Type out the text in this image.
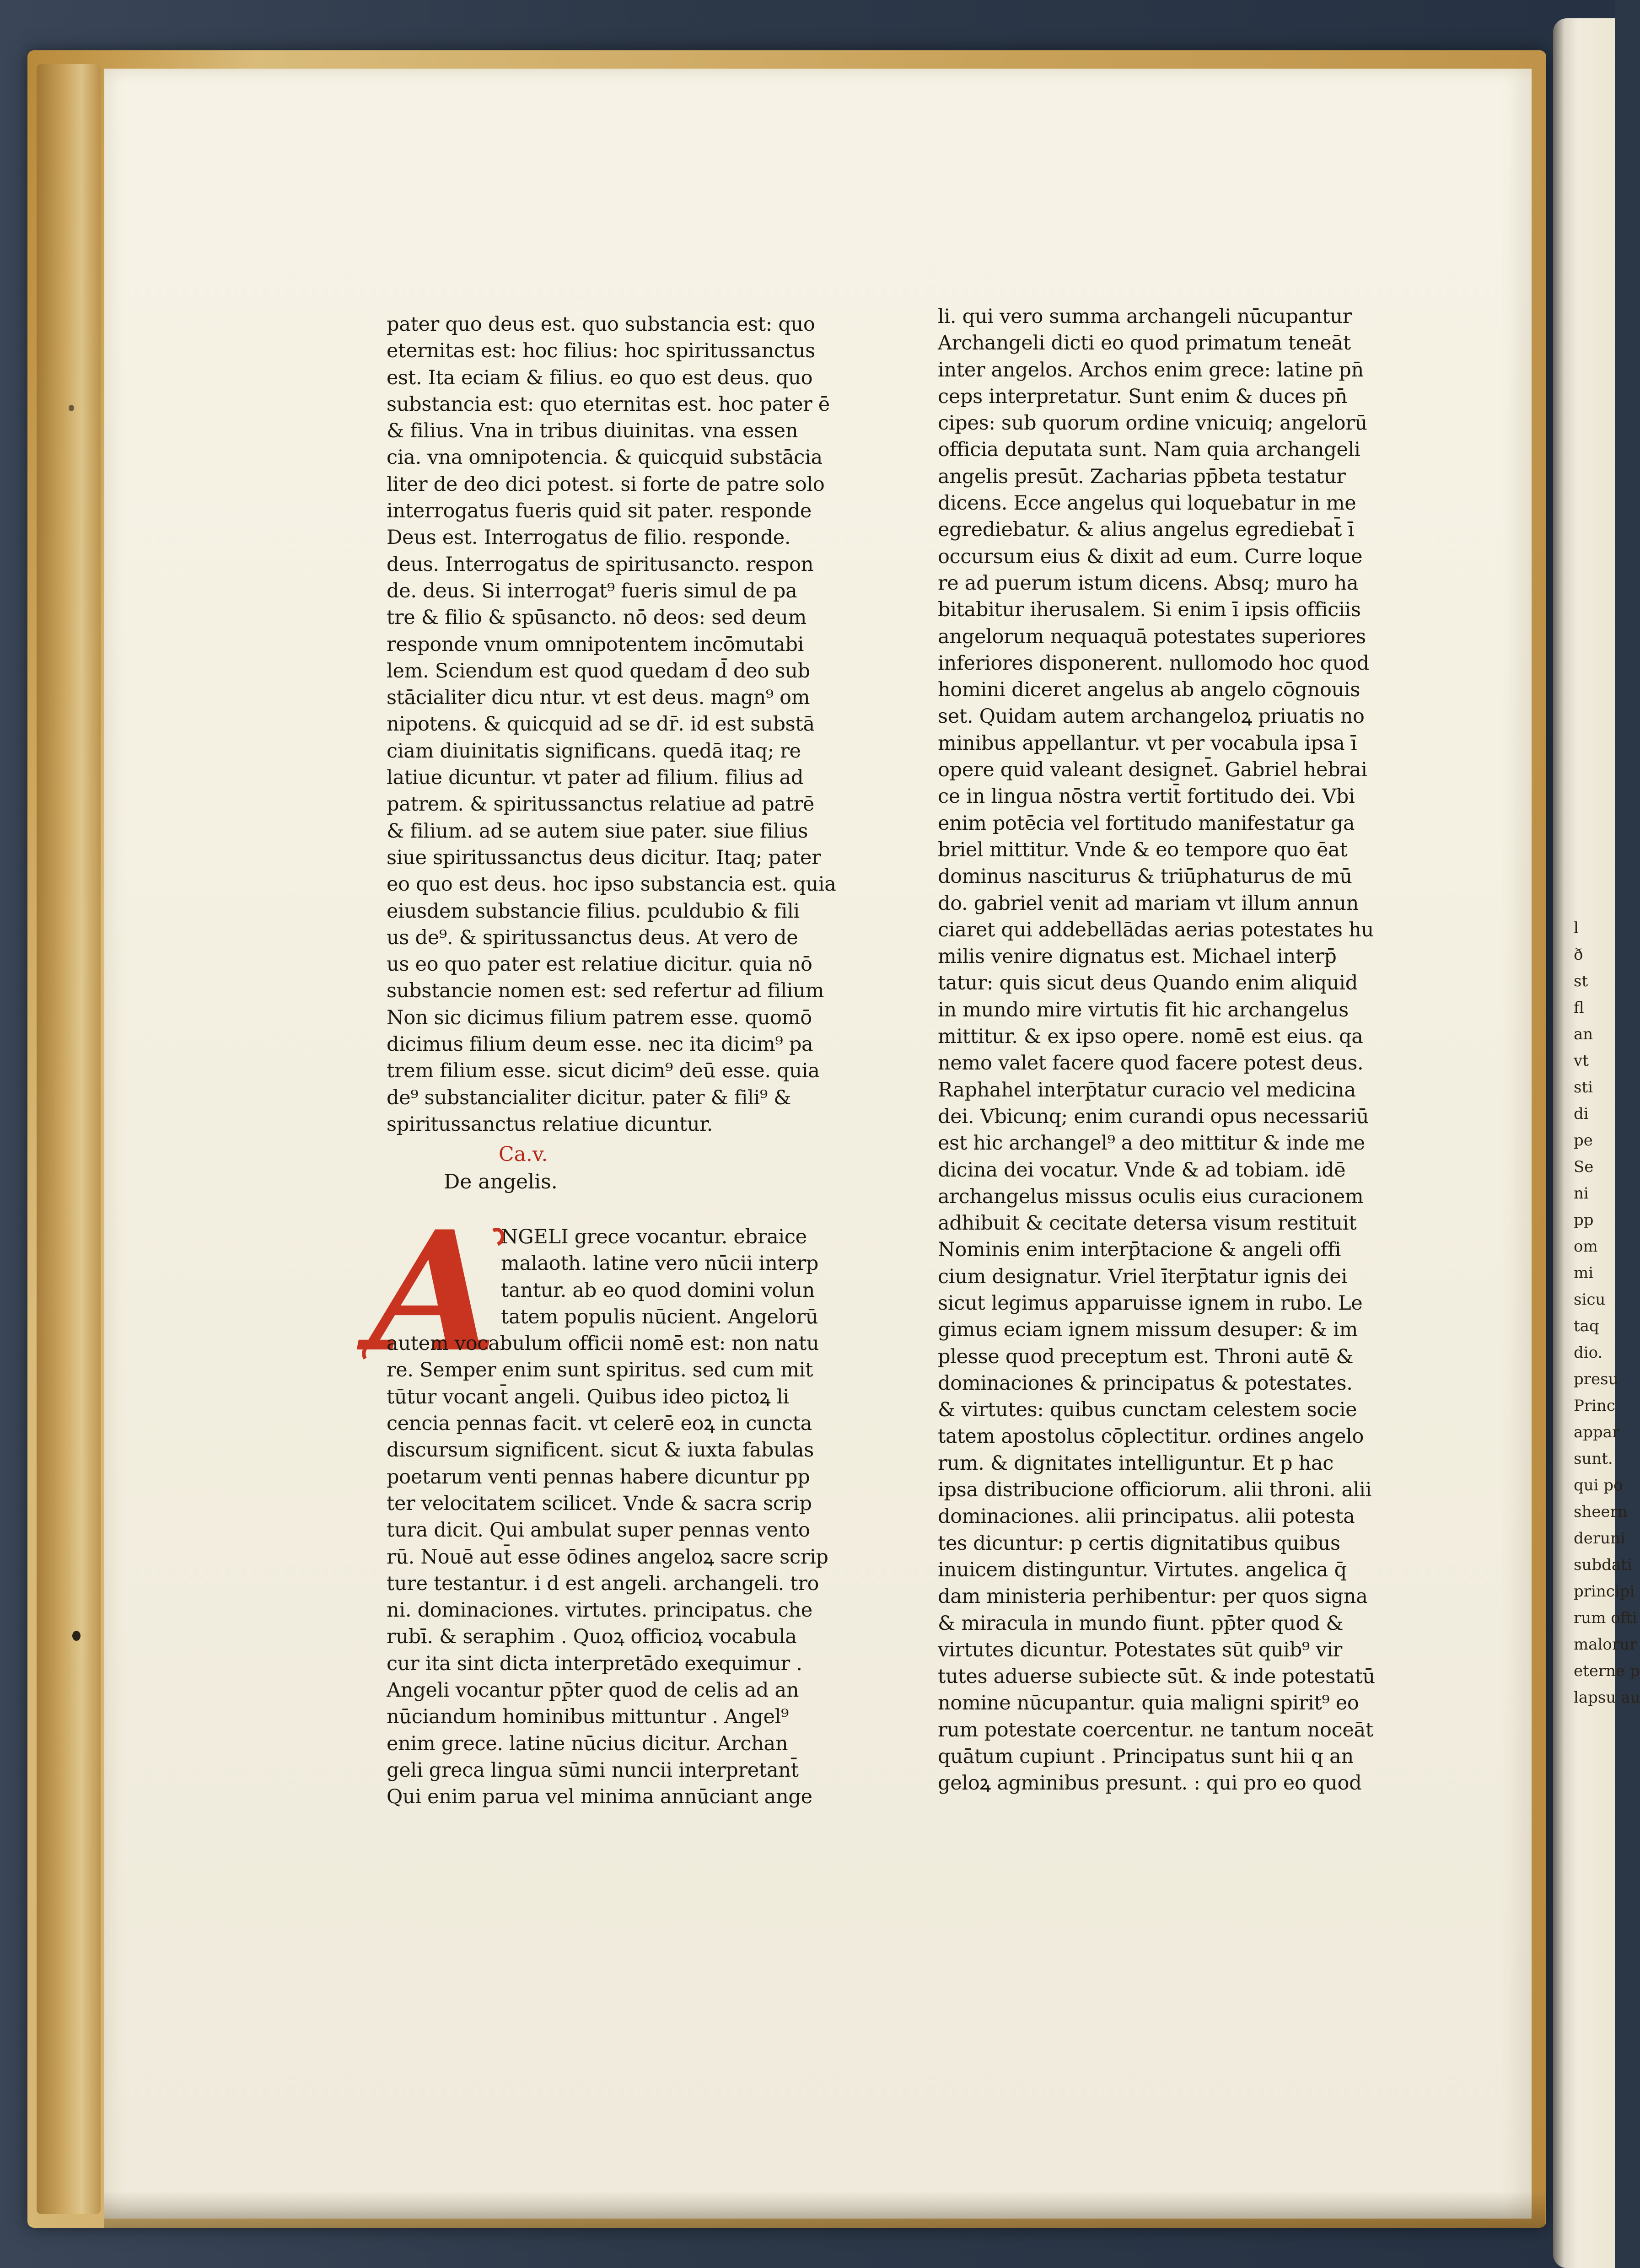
l
ð
st
fl
an
vt
sti
di
pe
Se
ni
pp
om
mi
sicu
taq
dio.
presu
Princ
appar
sunt.
qui po
sheern
deruni
subdati
principi
rum ofti
malorur
eterne p
lapsu au
pater quo deus est. quo substancia est: quo
eternitas est: hoc filius: hoc spiritussanctus
est. Ita eciam & filius. eo quo est deus. quo
substancia est: quo eternitas est. hoc pater ē
& filius. Vna in tribus diuinitas. vna essen
cia. vna omnipotencia. & quicquid substācia
liter de deo dici potest. si forte de patre solo
interrogatus fueris quid sit pater. responde
Deus est. Interrogatus de filio. responde.
deus. Interrogatus de spiritusancto. respon
de. deus. Si interrogat⁹ fueris simul de pa
tre & filio & spūsancto. nō deos: sed deum
responde vnum omnipotentem incōmutabi
lem. Sciendum est quod quedam d̄ deo sub
stācialiter dicu ntur. vt est deus. magn⁹ om
nipotens. & quicquid ad se dr̄. id est substā
ciam diuinitatis significans. quedā itaq; re
latiue dicuntur. vt pater ad filium. filius ad
patrem. & spiritussanctus relatiue ad patrē
& filium. ad se autem siue pater. siue filius
siue spiritussanctus deus dicitur. Itaq; pater
eo quo est deus. hoc ipso substancia est. quia
eiusdem substancie filius. pculdubio & fili
us de⁹. & spiritussanctus deus. At vero de
us eo quo pater est relatiue dicitur. quia nō
substancie nomen est: sed refertur ad filium
Non sic dicimus filium patrem esse. quomō
dicimus filium deum esse. nec ita dicim⁹ pa
trem filium esse. sicut dicim⁹ deū esse. quia
de⁹ substancialiter dicitur. pater & fili⁹ &
spiritussanctus relatiue dicuntur.
Ca.v.
De angelis.
A NGELI grece vocantur. ebraice
malaoth. latine vero nūcii interp
tantur. ab eo quod domini volun
tatem populis nūcient. Angelorū
autem vocabulum officii nomē est: non natu
re. Semper enim sunt spiritus. sed cum mit
tūtur vocant̄ angeli. Quibus ideo pictoꝝ li
cencia pennas facit. vt celerē eoꝝ in cuncta
discursum significent. sicut & iuxta fabulas
poetarum venti pennas habere dicuntur pp
ter velocitatem scilicet. Vnde & sacra scrip
tura dicit. Qui ambulat super pennas vento
rū. Nouē aut̄ esse ōdines angeloꝝ sacre scrip
ture testantur. i d est angeli. archangeli. tro
ni. dominaciones. virtutes. principatus. che
rubī. & seraphim . Quoꝝ officioꝝ vocabula
cur ita sint dicta interpretādo exequimur .
Angeli vocantur pp̄ter quod de celis ad an
nūciandum hominibus mittuntur . Angel⁹
enim grece. latine nūcius dicitur. Archan
geli greca lingua sūmi nuncii interpretant̄
Qui enim parua vel minima annūciant ange
li. qui vero summa archangeli nūcupantur
Archangeli dicti eo quod primatum teneāt
inter angelos. Archos enim grece: latine pn̄
ceps interpretatur. Sunt enim & duces pn̄
cipes: sub quorum ordine vnicuiq; angelorū
officia deputata sunt. Nam quia archangeli
angelis presūt. Zacharias pp̄beta testatur
dicens. Ecce angelus qui loquebatur in me
egrediebatur. & alius angelus egrediebat̄ ī
occursum eius & dixit ad eum. Curre loque
re ad puerum istum dicens. Absq; muro ha
bitabitur iherusalem. Si enim ī ipsis officiis
angelorum nequaquā potestates superiores
inferiores disponerent. nullomodo hoc quod
homini diceret angelus ab angelo cōgnouis
set. Quidam autem archangeloꝝ priuatis no
minibus appellantur. vt per vocabula ipsa ī
opere quid valeant designet̄. Gabriel hebrai
ce in lingua nōstra vertit̄ fortitudo dei. Vbi
enim potēcia vel fortitudo manifestatur ga
briel mittitur. Vnde & eo tempore quo ēat
dominus nasciturus & triūphaturus de mū
do. gabriel venit ad mariam vt illum annun
ciaret qui addebellādas aerias potestates hu
milis venire dignatus est. Michael interp̄
tatur: quis sicut deus Quando enim aliquid
in mundo mire virtutis fit hic archangelus
mittitur. & ex ipso opere. nomē est eius. qa
nemo valet facere quod facere potest deus.
Raphahel interp̄tatur curacio vel medicina
dei. Vbicunq; enim curandi opus necessariū
est hic archangel⁹ a deo mittitur & inde me
dicina dei vocatur. Vnde & ad tobiam. idē
archangelus missus oculis eius curacionem
adhibuit & cecitate detersa visum restituit
Nominis enim interp̄tacione & angeli offi
cium designatur. Vriel īterp̄tatur ignis dei
sicut legimus apparuisse ignem in rubo. Le
gimus eciam ignem missum desuper: & im
plesse quod preceptum est. Throni autē &
dominaciones & principatus & potestates.
& virtutes: quibus cunctam celestem socie
tatem apostolus cōplectitur. ordines angelo
rum. & dignitates intelliguntur. Et p hac
ipsa distribucione officiorum. alii throni. alii
dominaciones. alii principatus. alii potesta
tes dicuntur: p certis dignitatibus quibus
inuicem distinguntur. Virtutes. angelica q̄
dam ministeria perhibentur: per quos signa
& miracula in mundo fiunt. pp̄ter quod &
virtutes dicuntur. Potestates sūt quib⁹ vir
tutes aduerse subiecte sūt. & inde potestatū
nomine nūcupantur. quia maligni spirit⁹ eo
rum potestate coercentur. ne tantum noceāt
quātum cupiunt . Principatus sunt hii q an
geloꝝ agminibus presunt. : qui pro eo quod
